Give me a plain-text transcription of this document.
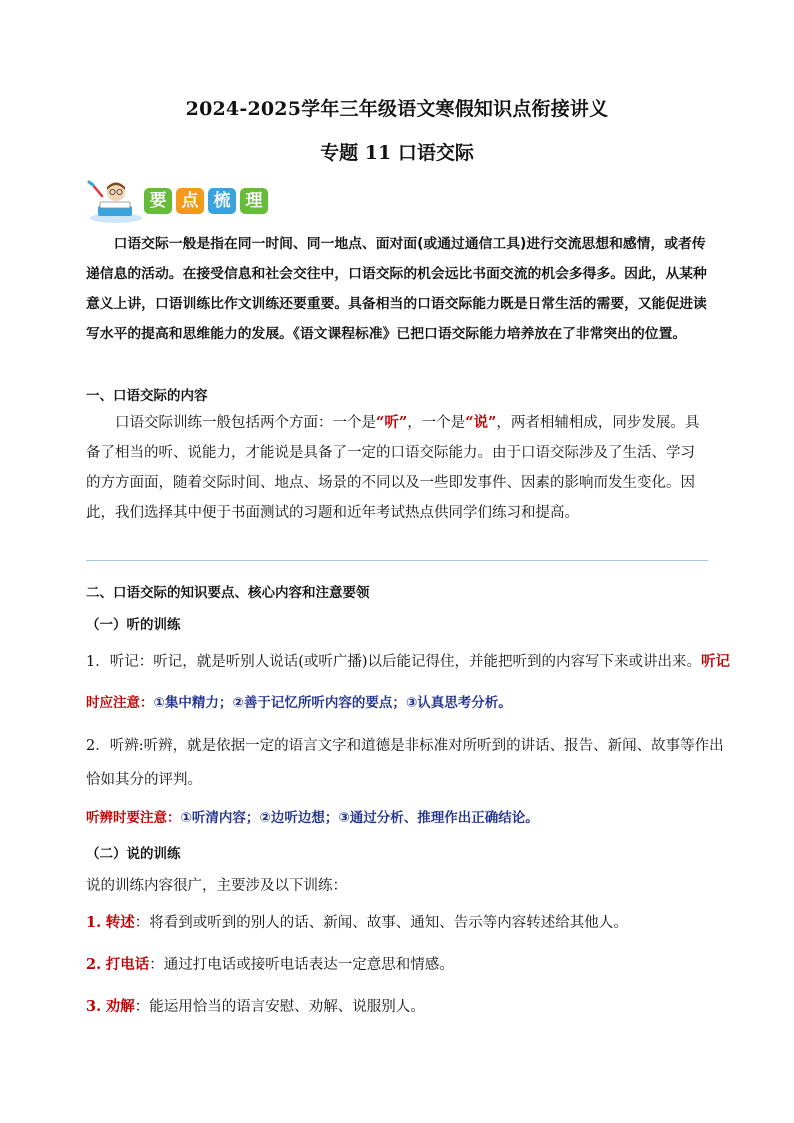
2024-2025学年三年级语文寒假知识点衔接讲义
专题 11 口语交际
要 点 梳 理
口语交际一般是指在同一时间、同一地点、面对面(或通过通信工具)进行交流思想和感情，或者传递信息的活动。在接受信息和社会交往中，口语交际的机会远比书面交流的机会多得多。因此，从某种意义上讲，口语训练比作文训练还要重要。具备相当的口语交际能力既是日常生活的需要，又能促进读写水平的提高和思维能力的发展。《语文课程标准》已把口语交际能力培养放在了非常突出的位置。
一、口语交际的内容
口语交际训练一般包括两个方面：一个是“听”，一个是“说”，两者相辅相成，同步发展。具备了相当的听、说能力，才能说是具备了一定的口语交际能力。由于口语交际涉及了生活、学习的方方面面，随着交际时间、地点、场景的不同以及一些即发事件、因素的影响而发生变化。因此，我们选择其中便于书面测试的习题和近年考试热点供同学们练习和提高。
二、口语交际的知识要点、核心内容和注意要领
（一）听的训练
1．听记：听记，就是听别人说话(或听广播)以后能记得住，并能把听到的内容写下来或讲出来。听记
时应注意：①集中精力；②善于记忆所听内容的要点；③认真思考分析。
2．听辨:听辨，就是依据一定的语言文字和道德是非标准对所听到的讲话、报告、新闻、故事等作出
恰如其分的评判。
听辨时要注意：①听清内容；②边听边想；③通过分析、推理作出正确结论。
（二）说的训练
说的训练内容很广，主要涉及以下训练：
1. 转述：将看到或听到的别人的话、新闻、故事、通知、告示等内容转述给其他人。
2. 打电话：通过打电话或接听电话表达一定意思和情感。
3. 劝解：能运用恰当的语言安慰、劝解、说服别人。
